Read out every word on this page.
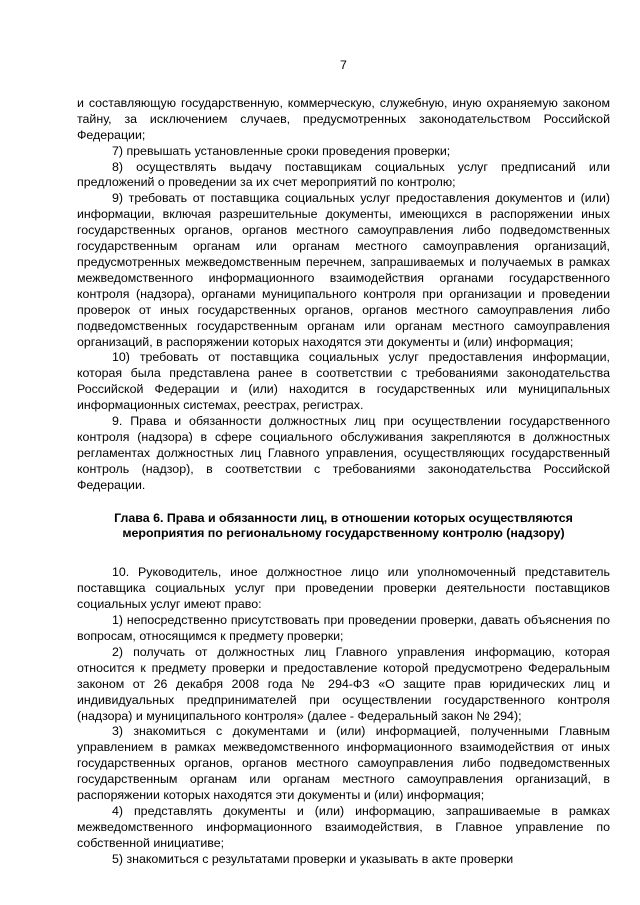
7

и составляющую государственную, коммерческую, служебную, иную охраняемую законом тайну, за исключением случаев, предусмотренных законодательством Российской Федерации;

7) превышать установленные сроки проведения проверки;

8) осуществлять выдачу поставщикам социальных услуг предписаний или предложений о проведении за их счет мероприятий по контролю;

9) требовать от поставщика социальных услуг предоставления документов и (или) информации, включая разрешительные документы, имеющихся в распоряжении иных государственных органов, органов местного самоуправления либо подведомственных государственным органам или органам местного самоуправления организаций, предусмотренных межведомственным перечнем, запрашиваемых и получаемых в рамках межведомственного информационного взаимодействия органами государственного контроля (надзора), органами муниципального контроля при организации и проведении проверок от иных государственных органов, органов местного самоуправления либо подведомственных государственным органам или органам местного самоуправления организаций, в распоряжении которых находятся эти документы и (или) информация;

10) требовать от поставщика социальных услуг предоставления информации, которая была представлена ранее в соответствии с требованиями законодательства Российской Федерации и (или) находится в государственных или муниципальных информационных системах, реестрах, регистрах.

9. Права и обязанности должностных лиц при осуществлении государственного контроля (надзора) в сфере социального обслуживания закрепляются в должностных регламентах должностных лиц Главного управления, осуществляющих государственный контроль (надзор), в соответствии с требованиями законодательства Российской Федерации.

Глава 6. Права и обязанности лиц, в отношении которых осуществляются мероприятия по региональному государственному контролю (надзору)

10. Руководитель, иное должностное лицо или уполномоченный представитель поставщика социальных услуг при проведении проверки деятельности поставщиков социальных услуг имеют право:

1) непосредственно присутствовать при проведении проверки, давать объяснения по вопросам, относящимся к предмету проверки;

2) получать от должностных лиц Главного управления информацию, которая относится к предмету проверки и предоставление которой предусмотрено Федеральным законом от 26 декабря 2008 года № 294-ФЗ «О защите прав юридических лиц и индивидуальных предпринимателей при осуществлении государственного контроля (надзора) и муниципального контроля» (далее - Федеральный закон № 294);

3) знакомиться с документами и (или) информацией, полученными Главным управлением в рамках межведомственного информационного взаимодействия от иных государственных органов, органов местного самоуправления либо подведомственных государственным органам или органам местного самоуправления организаций, в распоряжении которых находятся эти документы и (или) информация;

4) представлять документы и (или) информацию, запрашиваемые в рамках межведомственного информационного взаимодействия, в Главное управление по собственной инициативе;

5) знакомиться с результатами проверки и указывать в акте проверки
